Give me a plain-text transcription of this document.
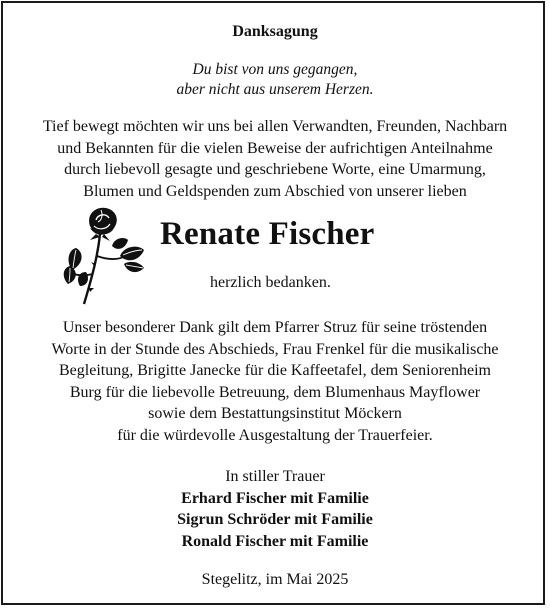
Danksagung

Du bist von uns gegangen,
aber nicht aus unserem Herzen.

Tief bewegt möchten wir uns bei allen Verwandten, Freunden, Nachbarn
und Bekannten für die vielen Beweise der aufrichtigen Anteilnahme
durch liebevoll gesagte und geschriebene Worte, eine Umarmung,
Blumen und Geldspenden zum Abschied von unserer lieben

Renate Fischer
herzlich bedanken.

Unser besonderer Dank gilt dem Pfarrer Struz für seine tröstenden
Worte in der Stunde des Abschieds, Frau Frenkel für die musikalische
Begleitung, Brigitte Janecke für die Kaffeetafel, dem Seniorenheim
Burg für die liebevolle Betreuung, dem Blumenhaus Mayflower
sowie dem Bestattungsinstitut Möckern
für die würdevolle Ausgestaltung der Trauerfeier.

In stiller Trauer
Erhard Fischer mit Familie
Sigrun Schröder mit Familie
Ronald Fischer mit Familie

Stegelitz, im Mai 2025
